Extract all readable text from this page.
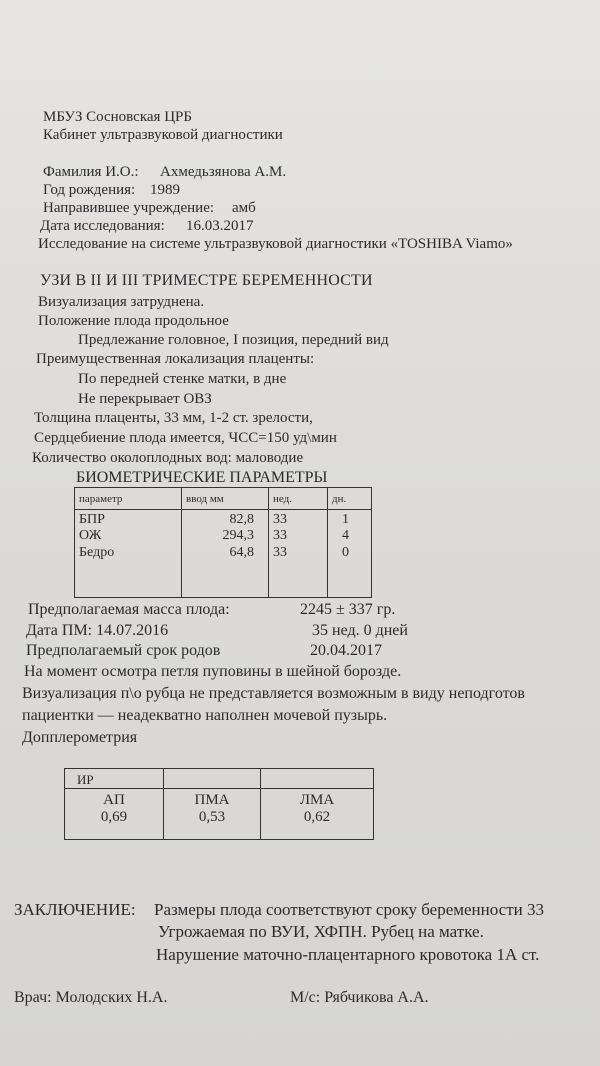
МБУЗ Сосновская ЦРБ
Кабинет ультразвуковой диагностики
Фамилия И.О.: Ахмедьзянова А.М.
Год рождения: 1989
Направившее учреждение: амб
Дата исследования: 16.03.2017
Исследование на системе ультразвуковой диагностики «TOSHIBA Viamo»
УЗИ В II И III ТРИМЕСТРЕ БЕРЕМЕННОСТИ
Визуализация затруднена.
Положение плода продольное
Предлежание головное, I позиция, передний вид
Преимущественная локализация плаценты:
По передней стенке матки, в дне
Не перекрывает ОВЗ
Толщина плаценты, 33 мм, 1-2 ст. зрелости,
Сердцебиение плода имеется, ЧСС=150 уд\мин
Количество околоплодных вод: маловодие
БИОМЕТРИЧЕСКИЕ ПАРАМЕТРЫ
параметр	ввод мм	нед.	дн.
БПР	82,8	33	1
ОЖ	294,3	33	4
Бедро	64,8	33	0

Предполагаемая масса плода:	2245 ± 337 гр.
Дата ПМ: 14.07.2016	35 нед. 0 дней
Предполагаемый срок родов	20.04.2017
На момент осмотра петля пуповины в шейной борозде.
Визуализация п\о рубца не представляется возможным в виду неподготов
пациентки — неадекватно наполнен мочевой пузырь.
Допплерометрия
ИР		
АП	ПМА	ЛМА
0,69	0,53	0,62
ЗАКЛЮЧЕНИЕ: Размеры плода соответствуют сроку беременности 33
Угрожаемая по ВУИ, ХФПН. Рубец на матке.
Нарушение маточно-плацентарного кровотока 1А ст.
Врач: Молодских Н.А.	М/с: Рябчикова А.А.
